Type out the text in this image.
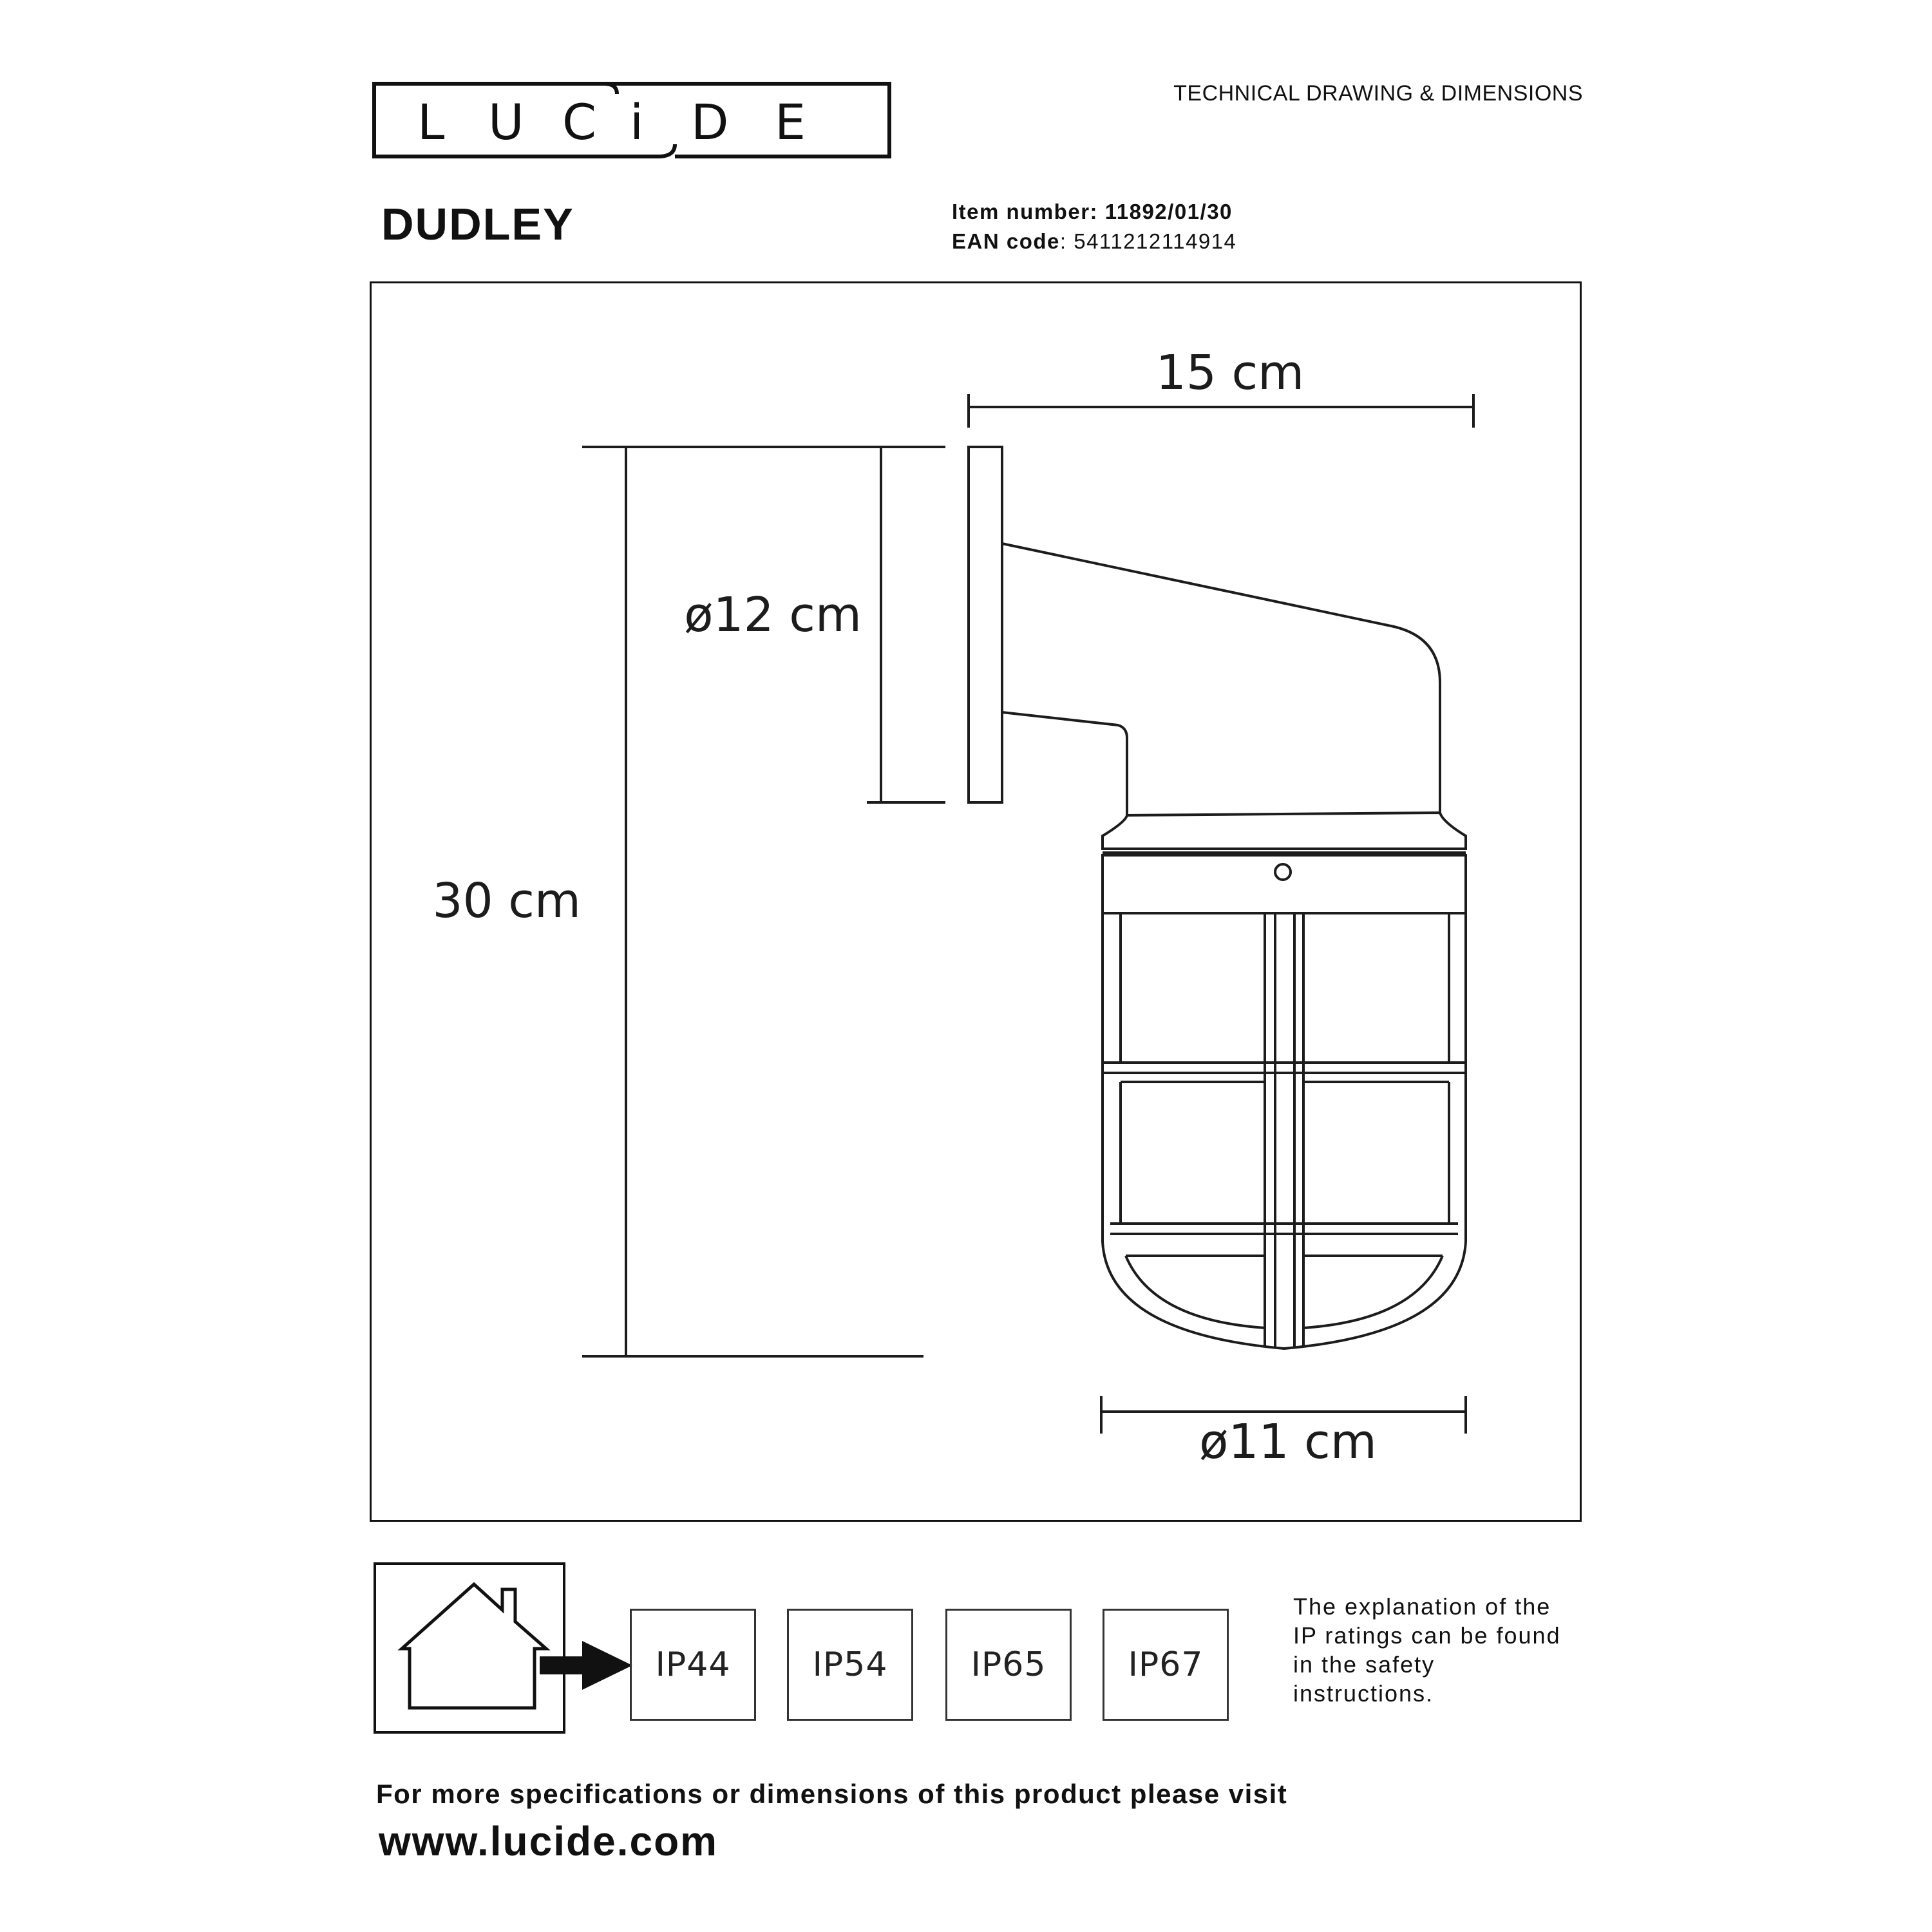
L U C i D E	TECHNICAL DRAWING & DIMENSIONS
DUDLEY	Item number: 11892/01/30
EAN code: 5411212114914
15 cm
ø12 cm
30 cm
ø11 cm
IP44	IP54	IP65	IP67
The explanation of the
IP ratings can be found
in the safety
instructions.
For more specifications or dimensions of this product please visit
www.lucide.com
